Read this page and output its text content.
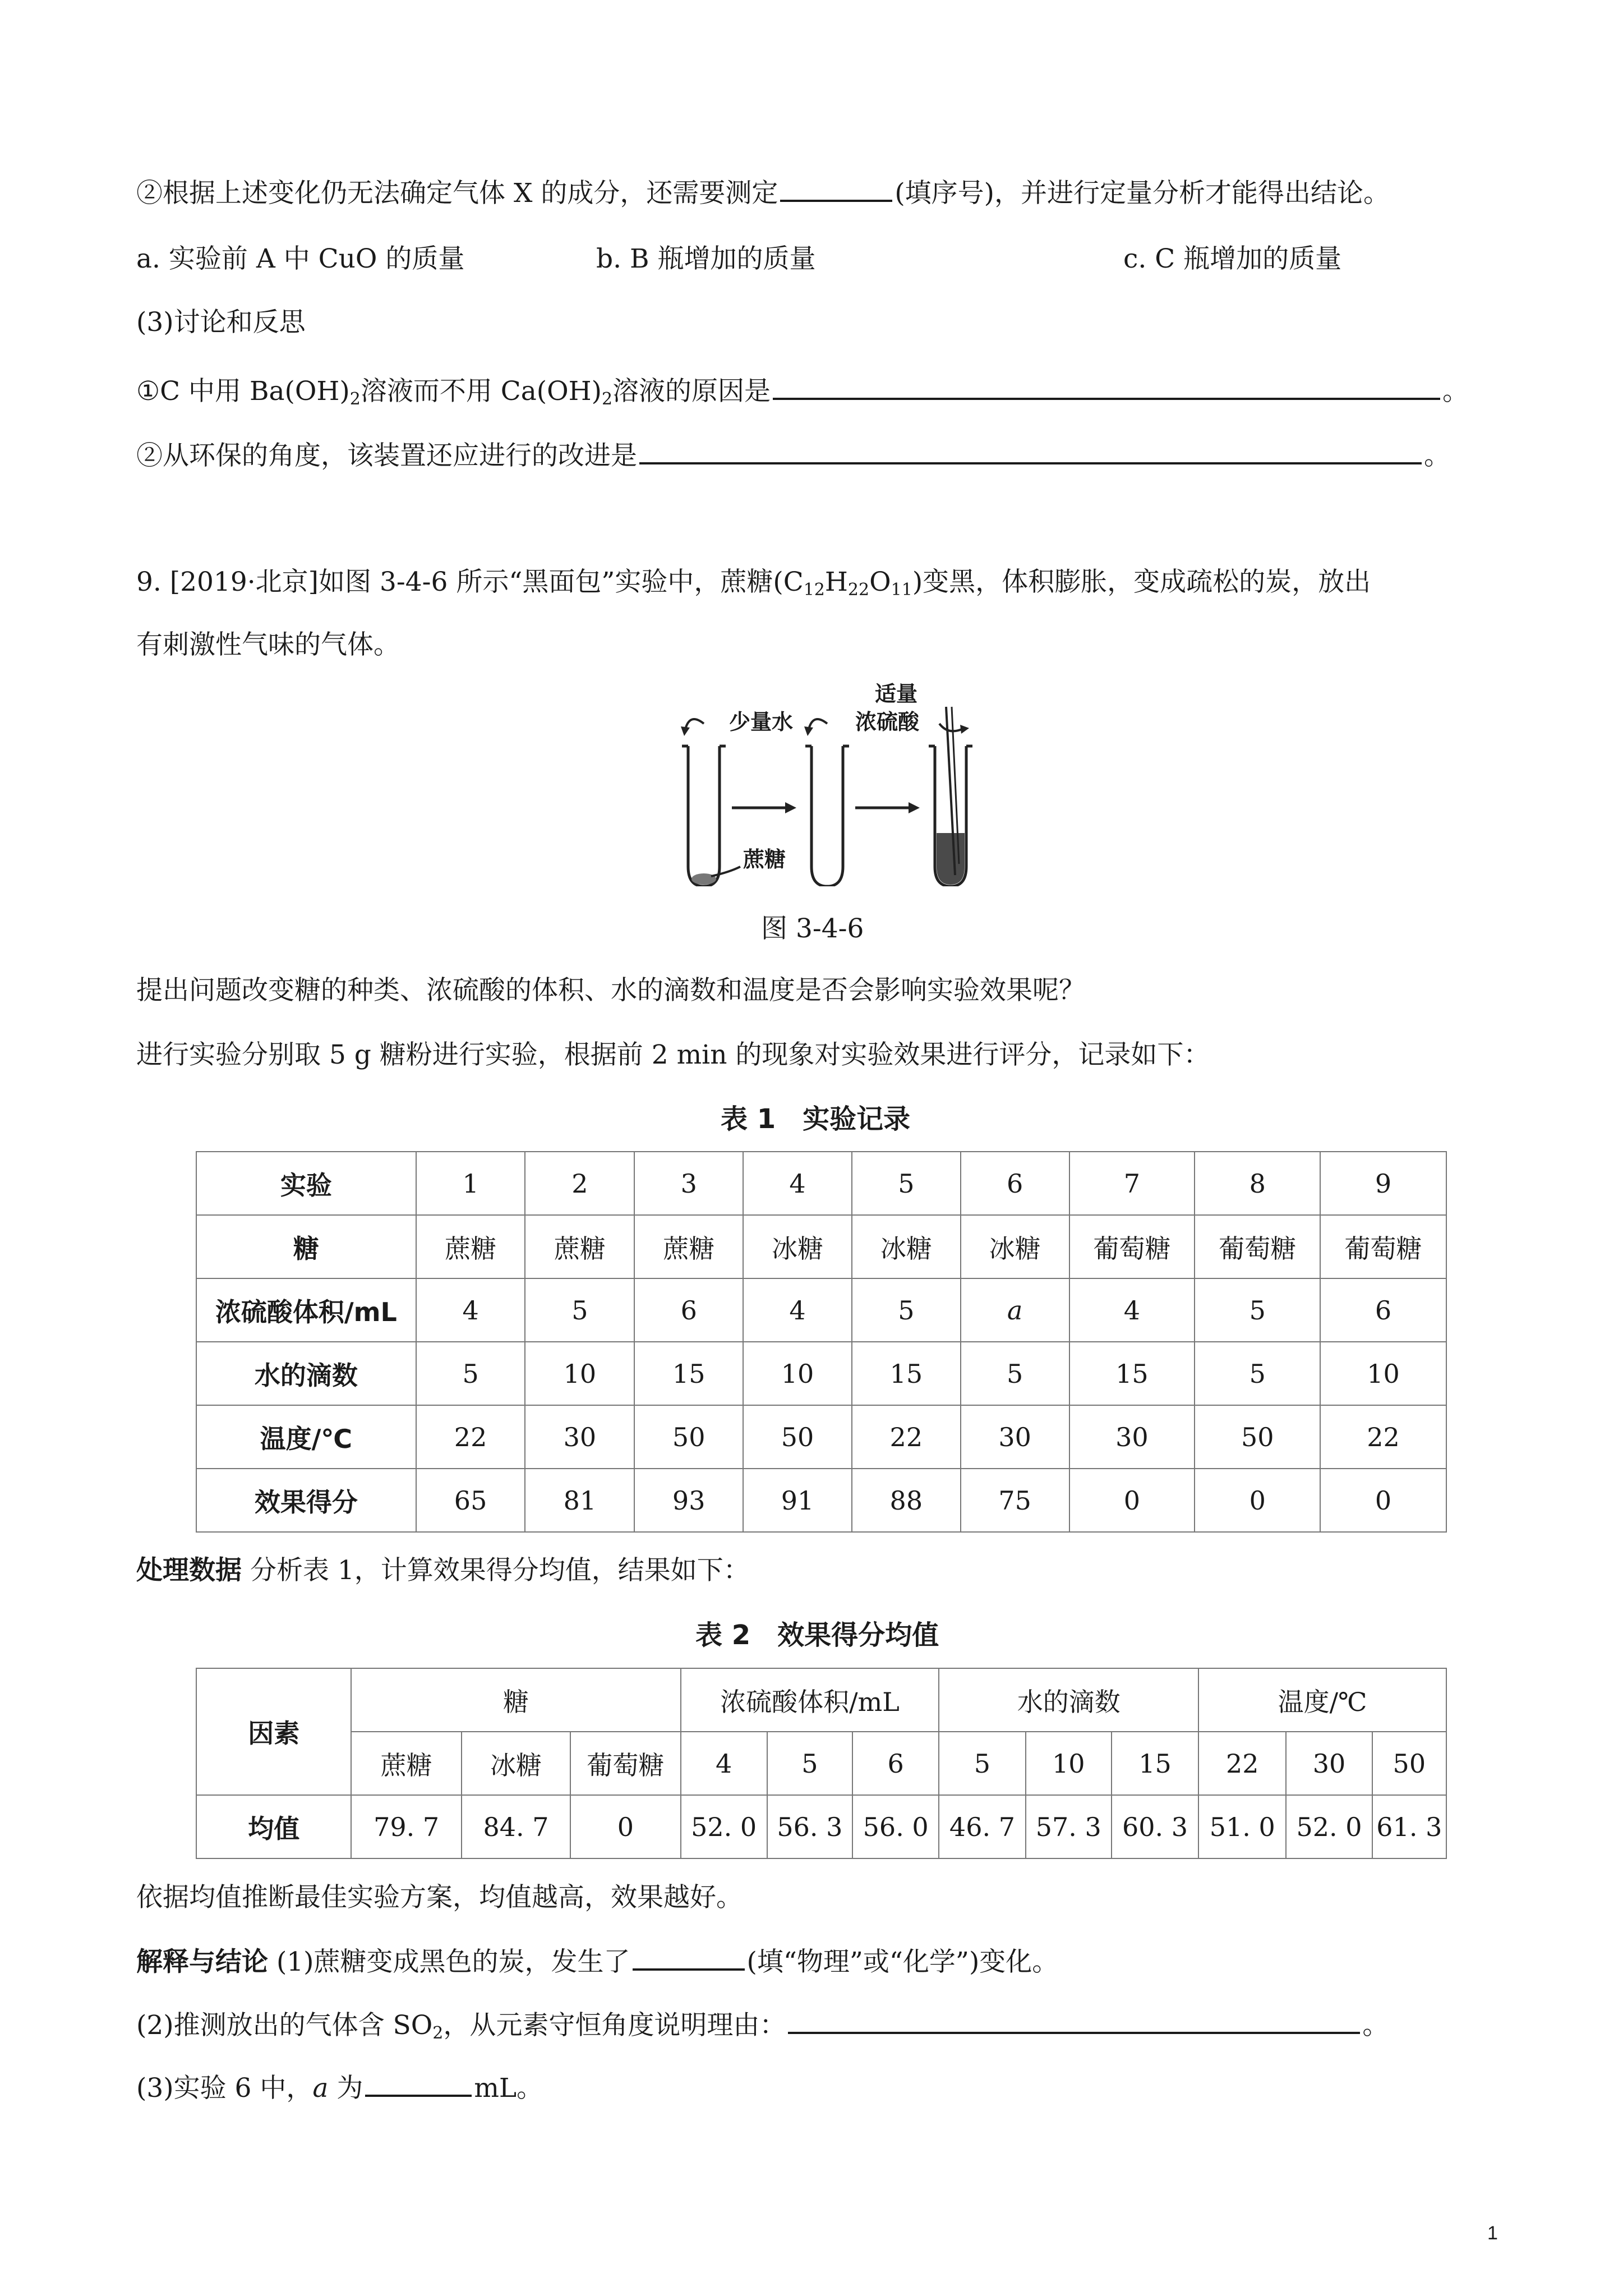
②根据上述变化仍无法确定气体 X 的成分，还需要测定	(填序号)，并进行定量分析才能得出结论。
a. 实验前 A 中 CuO 的质量	b. B 瓶增加的质量	c. C 瓶增加的质量
(3)讨论和反思
①C 中用 $Ba(OH)_2$溶液而不用 $Ca(OH)_2$溶液的原因是	。
②从环保的角度，该装置还应进行的改进是	。
9. [2019·北京]如图 3-4-6 所示“黑面包”实验中，蔗糖$(C_{12}H_{22}O_{11})$变黑，体积膨胀，变成疏松的炭，放出
有刺激性气味的气体。
少量水
适量
浓硫酸
蔗糖
图 3-4-6
提出问题改变糖的种类、浓硫酸的体积、水的滴数和温度是否会影响实验效果呢？
进行实验分别取 5 g 糖粉进行实验，根据前 2 min 的现象对实验效果进行评分，记录如下：
表 1　实验记录
实验	1	2	3	4	5	6	7	8	9
糖	蔗糖	蔗糖	蔗糖	冰糖	冰糖	冰糖	葡萄糖	葡萄糖	葡萄糖
浓硫酸体积/mL	4	5	6	4	5	a	4	5	6
水的滴数	5	10	15	10	15	5	15	5	10
温度/℃	22	30	50	50	22	30	30	50	22
效果得分	65	81	93	91	88	75	0	0	0
处理数据 分析表 1，计算效果得分均值，结果如下：
表 2　效果得分均值
因素	糖			浓硫酸体积/mL			水的滴数			温度/℃		
	蔗糖	冰糖	葡萄糖	4	5	6	5	10	15	22	30	50
均值	79. 7	84. 7	0	52. 0	56. 3	56. 0	46. 7	57. 3	60. 3	51. 0	52. 0	61. 3
依据均值推断最佳实验方案，均值越高，效果越好。
解释与结论 (1)蔗糖变成黑色的炭，发生了	(填“物理”或“化学”)变化。
(2)推测放出的气体含 $SO_2$，从元素守恒角度说明理由：	。
(3)实验 6 中，a 为	mL。
1
